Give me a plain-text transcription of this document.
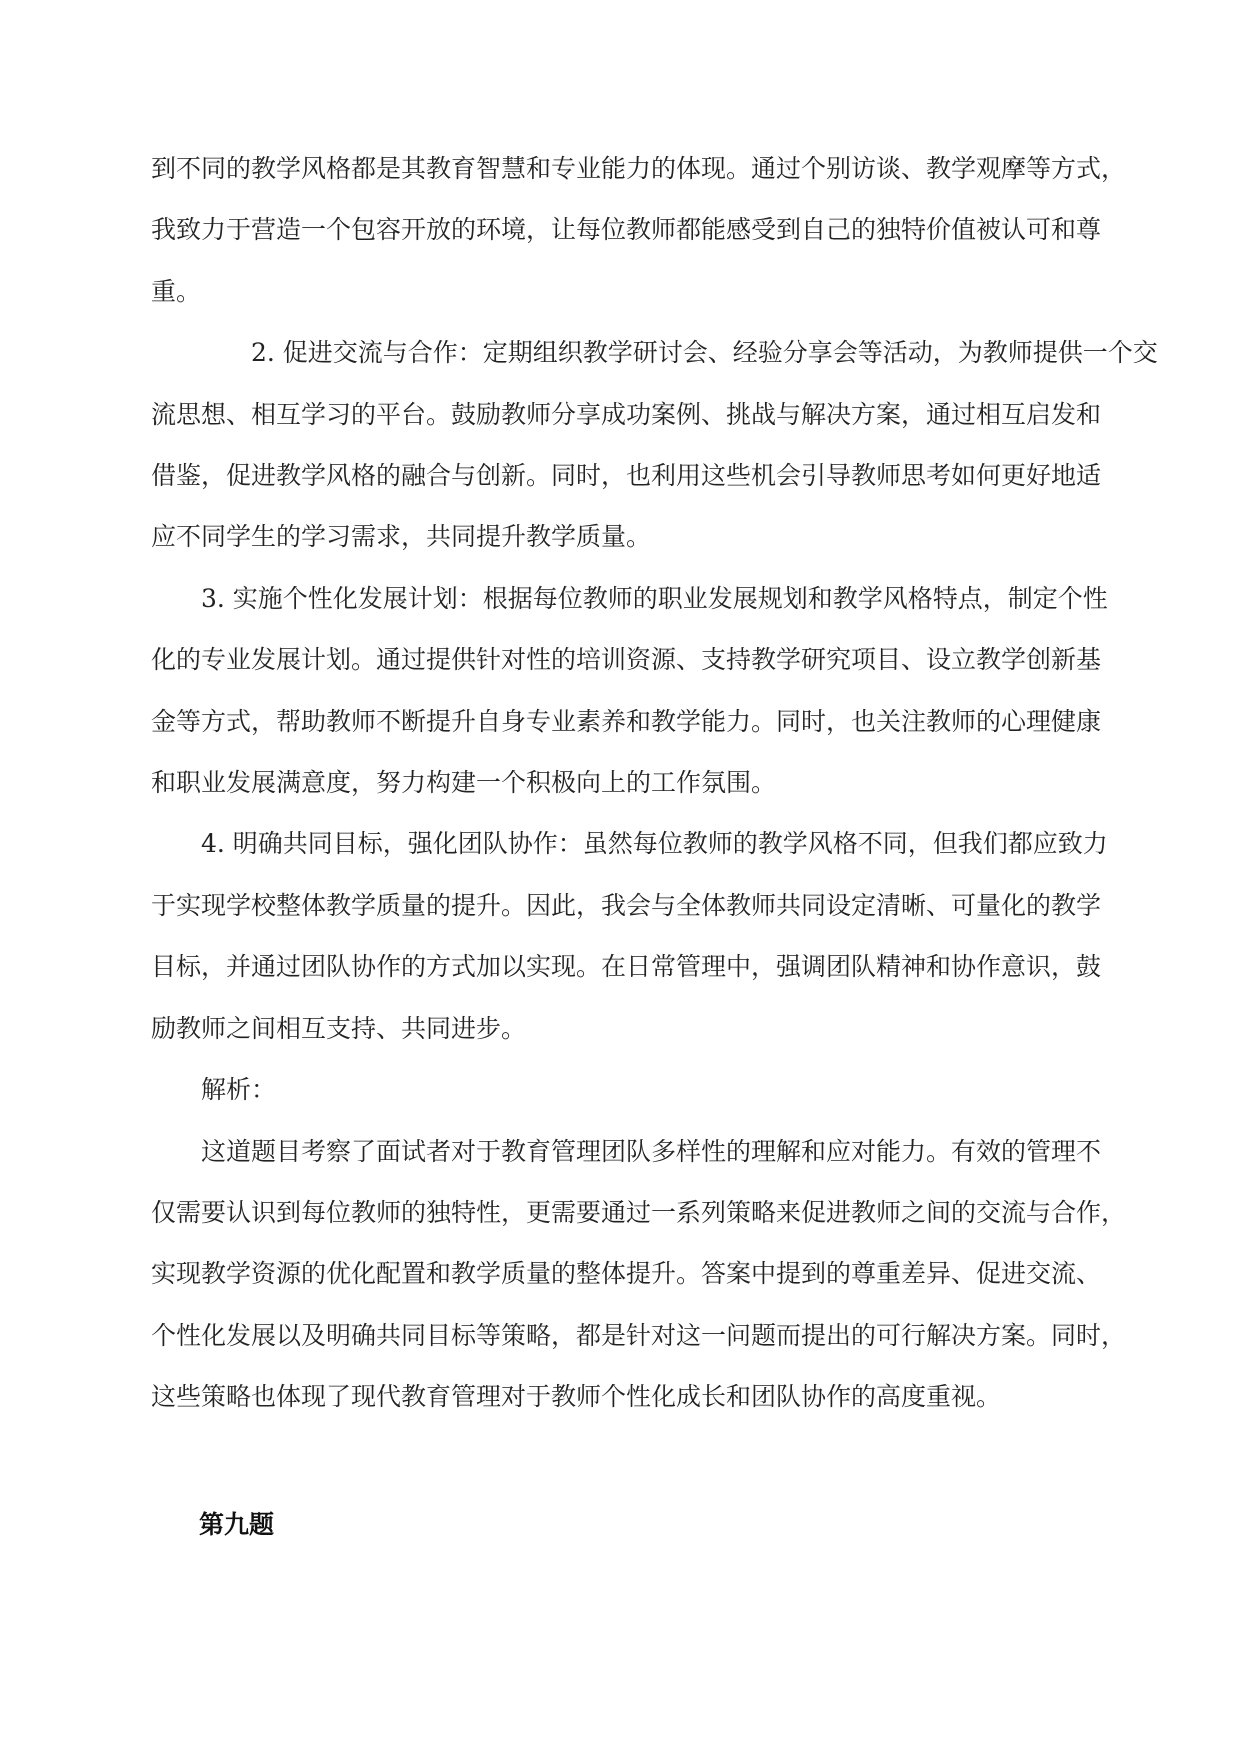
到不同的教学风格都是其教育智慧和专业能力的体现。通过个别访谈、教学观摩等方式，
我致力于营造一个包容开放的环境，让每位教师都能感受到自己的独特价值被认可和尊
重。
2. 促进交流与合作：定期组织教学研讨会、经验分享会等活动，为教师提供一个交
流思想、相互学习的平台。鼓励教师分享成功案例、挑战与解决方案，通过相互启发和
借鉴，促进教学风格的融合与创新。同时，也利用这些机会引导教师思考如何更好地适
应不同学生的学习需求，共同提升教学质量。
3. 实施个性化发展计划：根据每位教师的职业发展规划和教学风格特点，制定个性
化的专业发展计划。通过提供针对性的培训资源、支持教学研究项目、设立教学创新基
金等方式，帮助教师不断提升自身专业素养和教学能力。同时，也关注教师的心理健康
和职业发展满意度，努力构建一个积极向上的工作氛围。
4. 明确共同目标，强化团队协作：虽然每位教师的教学风格不同，但我们都应致力
于实现学校整体教学质量的提升。因此，我会与全体教师共同设定清晰、可量化的教学
目标，并通过团队协作的方式加以实现。在日常管理中，强调团队精神和协作意识，鼓
励教师之间相互支持、共同进步。
解析：
这道题目考察了面试者对于教育管理团队多样性的理解和应对能力。有效的管理不
仅需要认识到每位教师的独特性，更需要通过一系列策略来促进教师之间的交流与合作，
实现教学资源的优化配置和教学质量的整体提升。答案中提到的尊重差异、促进交流、
个性化发展以及明确共同目标等策略，都是针对这一问题而提出的可行解决方案。同时，
这些策略也体现了现代教育管理对于教师个性化成长和团队协作的高度重视。
第九题
